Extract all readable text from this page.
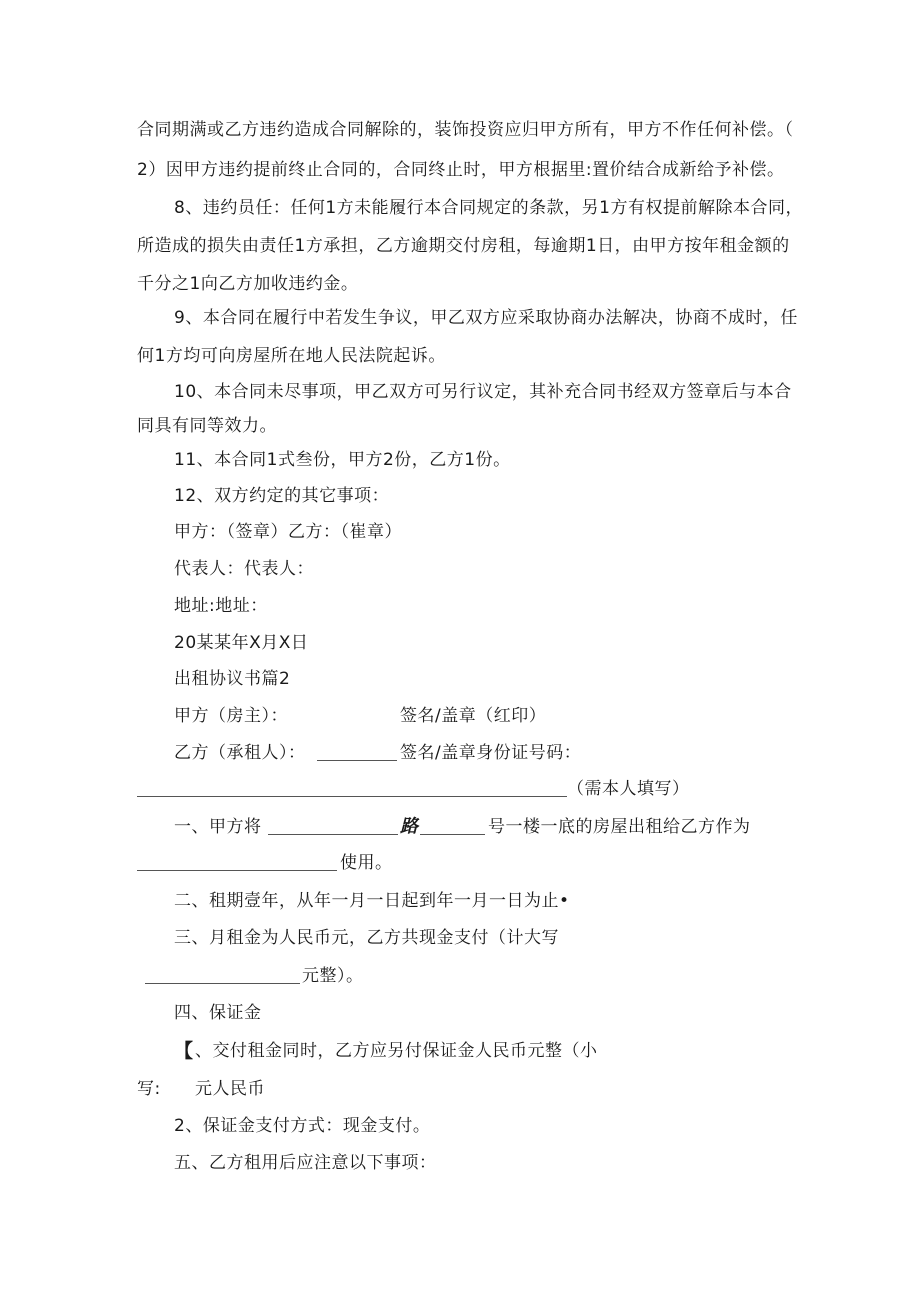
合同期满或乙方违约造成合同解除的，装饰投资应归甲方所有，甲方不作任何补偿。（
2）因甲方违约提前终止合同的，合同终止时，甲方根据里:置价结合成新给予补偿。
8、违约员任：任何1方未能履行本合同规定的条款，另1方有权提前解除本合同，
所造成的损失由责任1方承担，乙方逾期交付房租，每逾期1日，由甲方按年租金额的
千分之1向乙方加收违约金。
9、本合同在履行中若发生争议，甲乙双方应采取协商办法解决，协商不成时，任
何1方均可向房屋所在地人民法院起诉。
10、本合同未尽事项，甲乙双方可另行议定，其补充合同书经双方签章后与本合
同具有同等效力。
11、本合同1式叁份，甲方2份，乙方1份。
12、双方约定的其它事项：
甲方：（签章）乙方：（崔章）
代表人：代表人：
地址:地址：
20某某年X月X日
出租协议书篇2
甲方（房主）：	签名/盖章（红印）
乙方（承租人）：	签名/盖章身份证号码：
（需本人填写）
一、甲方将	路	号一楼一底的房屋出租给乙方作为
使用。
二、租期壹年，从年一月一日起到年一月一日为止•
三、月租金为人民币元，乙方共现金支付（计大写
元整）。
四、保证金
【 、交付租金同时，乙方应另付保证金人民币元整（小
写: 元人民币
2、保证金支付方式：现金支付。
五、乙方租用后应注意以下事项：
